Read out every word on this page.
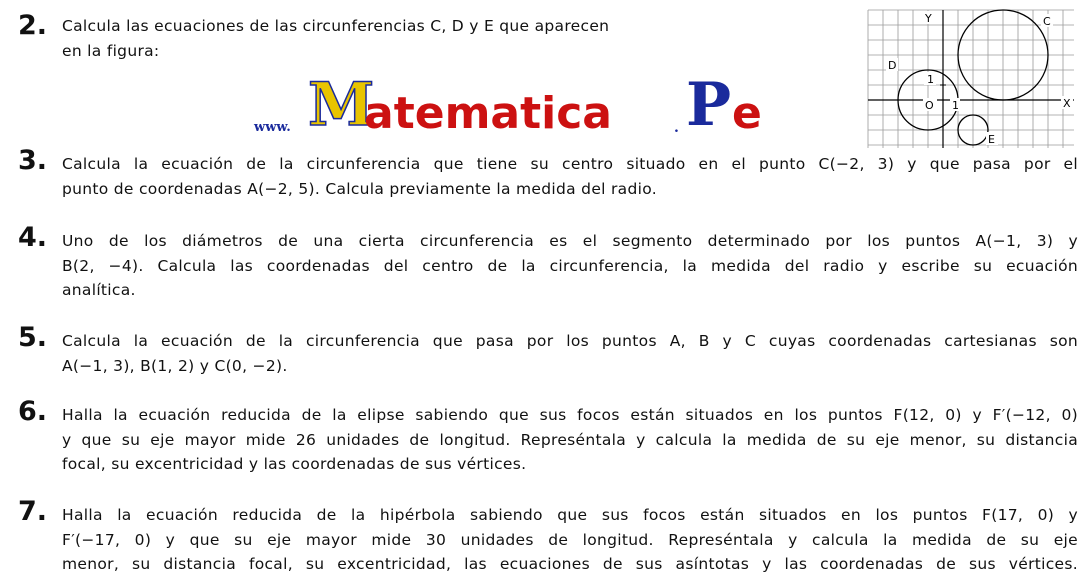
2. Calcula las ecuaciones de las circunferencias C, D y E que aparecen
en la figura:
www. M
atematica	. P e
Y
X
O 1
1
C
D
E
3. Calcula la ecuación de la circunferencia que tiene su centro situado en el punto C(−2, 3) y que pasa por el
punto de coordenadas A(−2, 5). Calcula previamente la medida del radio.
4. Uno de los diámetros de una cierta circunferencia es el segmento determinado por los puntos A(−1, 3) y
B(2, −4). Calcula las coordenadas del centro de la circunferencia, la medida del radio y escribe su ecuación
analítica.
5. Calcula la ecuación de la circunferencia que pasa por los puntos A, B y C cuyas coordenadas cartesianas son
A(−1, 3), B(1, 2) y C(0, −2).
6. Halla la ecuación reducida de la elipse sabiendo que sus focos están situados en los puntos F(12, 0) y F′(−12, 0)
y que su eje mayor mide 26 unidades de longitud. Represéntala y calcula la medida de su eje menor, su distancia
focal, su excentricidad y las coordenadas de sus vértices.
7. Halla la ecuación reducida de la hipérbola sabiendo que sus focos están situados en los puntos F(17, 0) y
F′(−17, 0) y que su eje mayor mide 30 unidades de longitud. Represéntala y calcula la medida de su eje
menor, su distancia focal, su excentricidad, las ecuaciones de sus asíntotas y las coordenadas de sus vértices.
